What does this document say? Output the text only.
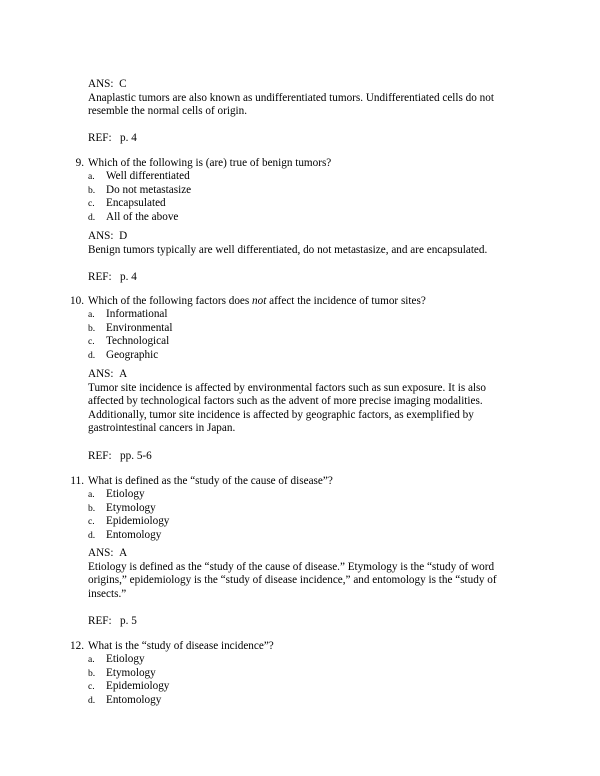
ANS: C

Anaplastic tumors are also known as undifferentiated tumors. Undifferentiated cells do not resemble the normal cells of origin.

REF: p. 4

9. Which of the following is (are) true of benign tumors?
a. Well differentiated
b. Do not metastasize
c. Encapsulated
d. All of the above

ANS: D

Benign tumors typically are well differentiated, do not metastasize, and are encapsulated.

REF: p. 4

10. Which of the following factors does not affect the incidence of tumor sites?
a. Informational
b. Environmental
c. Technological
d. Geographic

ANS: A

Tumor site incidence is affected by environmental factors such as sun exposure. It is also affected by technological factors such as the advent of more precise imaging modalities. Additionally, tumor site incidence is affected by geographic factors, as exemplified by gastrointestinal cancers in Japan.

REF: pp. 5-6

11. What is defined as the “study of the cause of disease”?
a. Etiology
b. Etymology
c. Epidemiology
d. Entomology

ANS: A

Etiology is defined as the “study of the cause of disease.” Etymology is the “study of word origins,” epidemiology is the “study of disease incidence,” and entomology is the “study of insects.”

REF: p. 5

12. What is the “study of disease incidence”?
a. Etiology
b. Etymology
c. Epidemiology
d. Entomology
